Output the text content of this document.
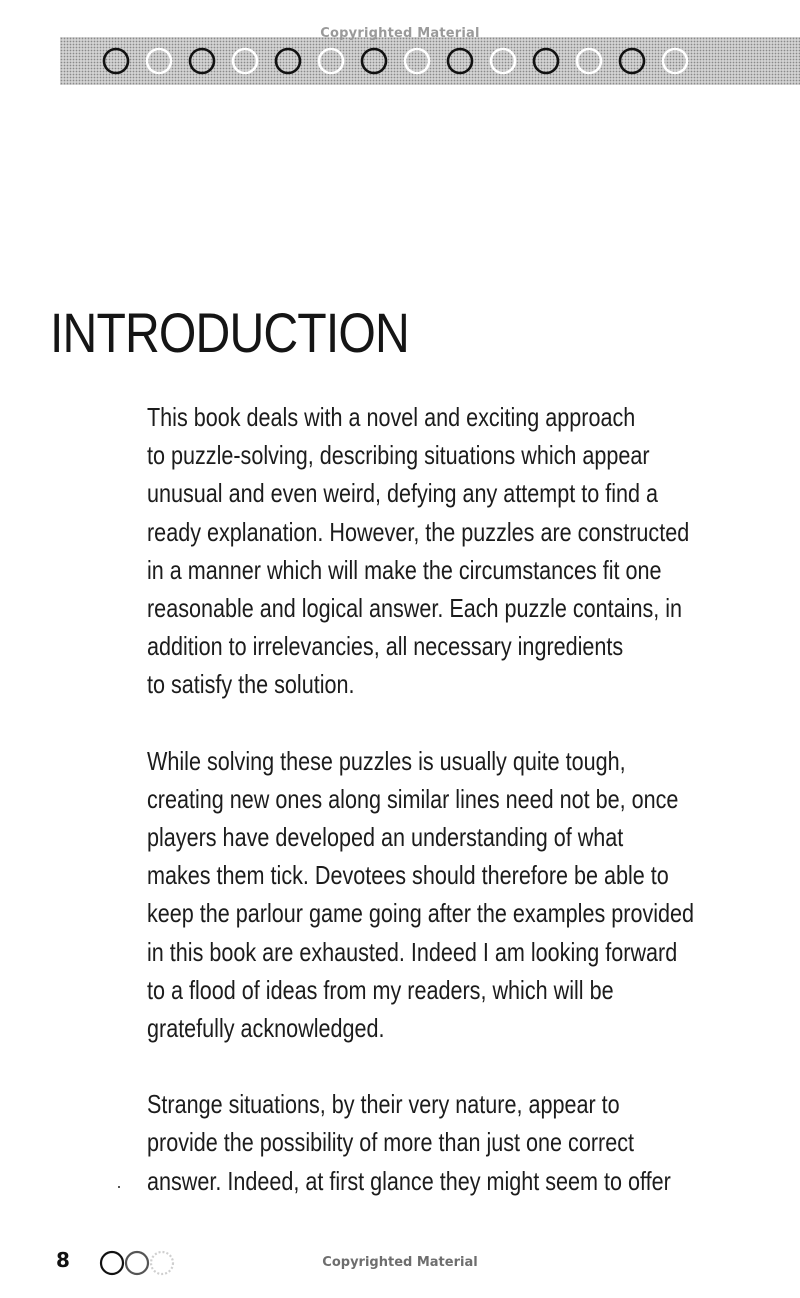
Copyrighted Material
INTRODUCTION

This book deals with a novel and exciting approach
to puzzle-solving, describing situations which appear
unusual and even weird, defying any attempt to find a
ready explanation. However, the puzzles are constructed
in a manner which will make the circumstances fit one
reasonable and logical answer. Each puzzle contains, in
addition to irrelevancies, all necessary ingredients
to satisfy the solution.

While solving these puzzles is usually quite tough,
creating new ones along similar lines need not be, once
players have developed an understanding of what
makes them tick. Devotees should therefore be able to
keep the parlour game going after the examples provided
in this book are exhausted. Indeed I am looking forward
to a flood of ideas from my readers, which will be
gratefully acknowledged.

Strange situations, by their very nature, appear to
provide the possibility of more than just one correct
answer. Indeed, at first glance they might seem to offer

8	Copyrighted Material
